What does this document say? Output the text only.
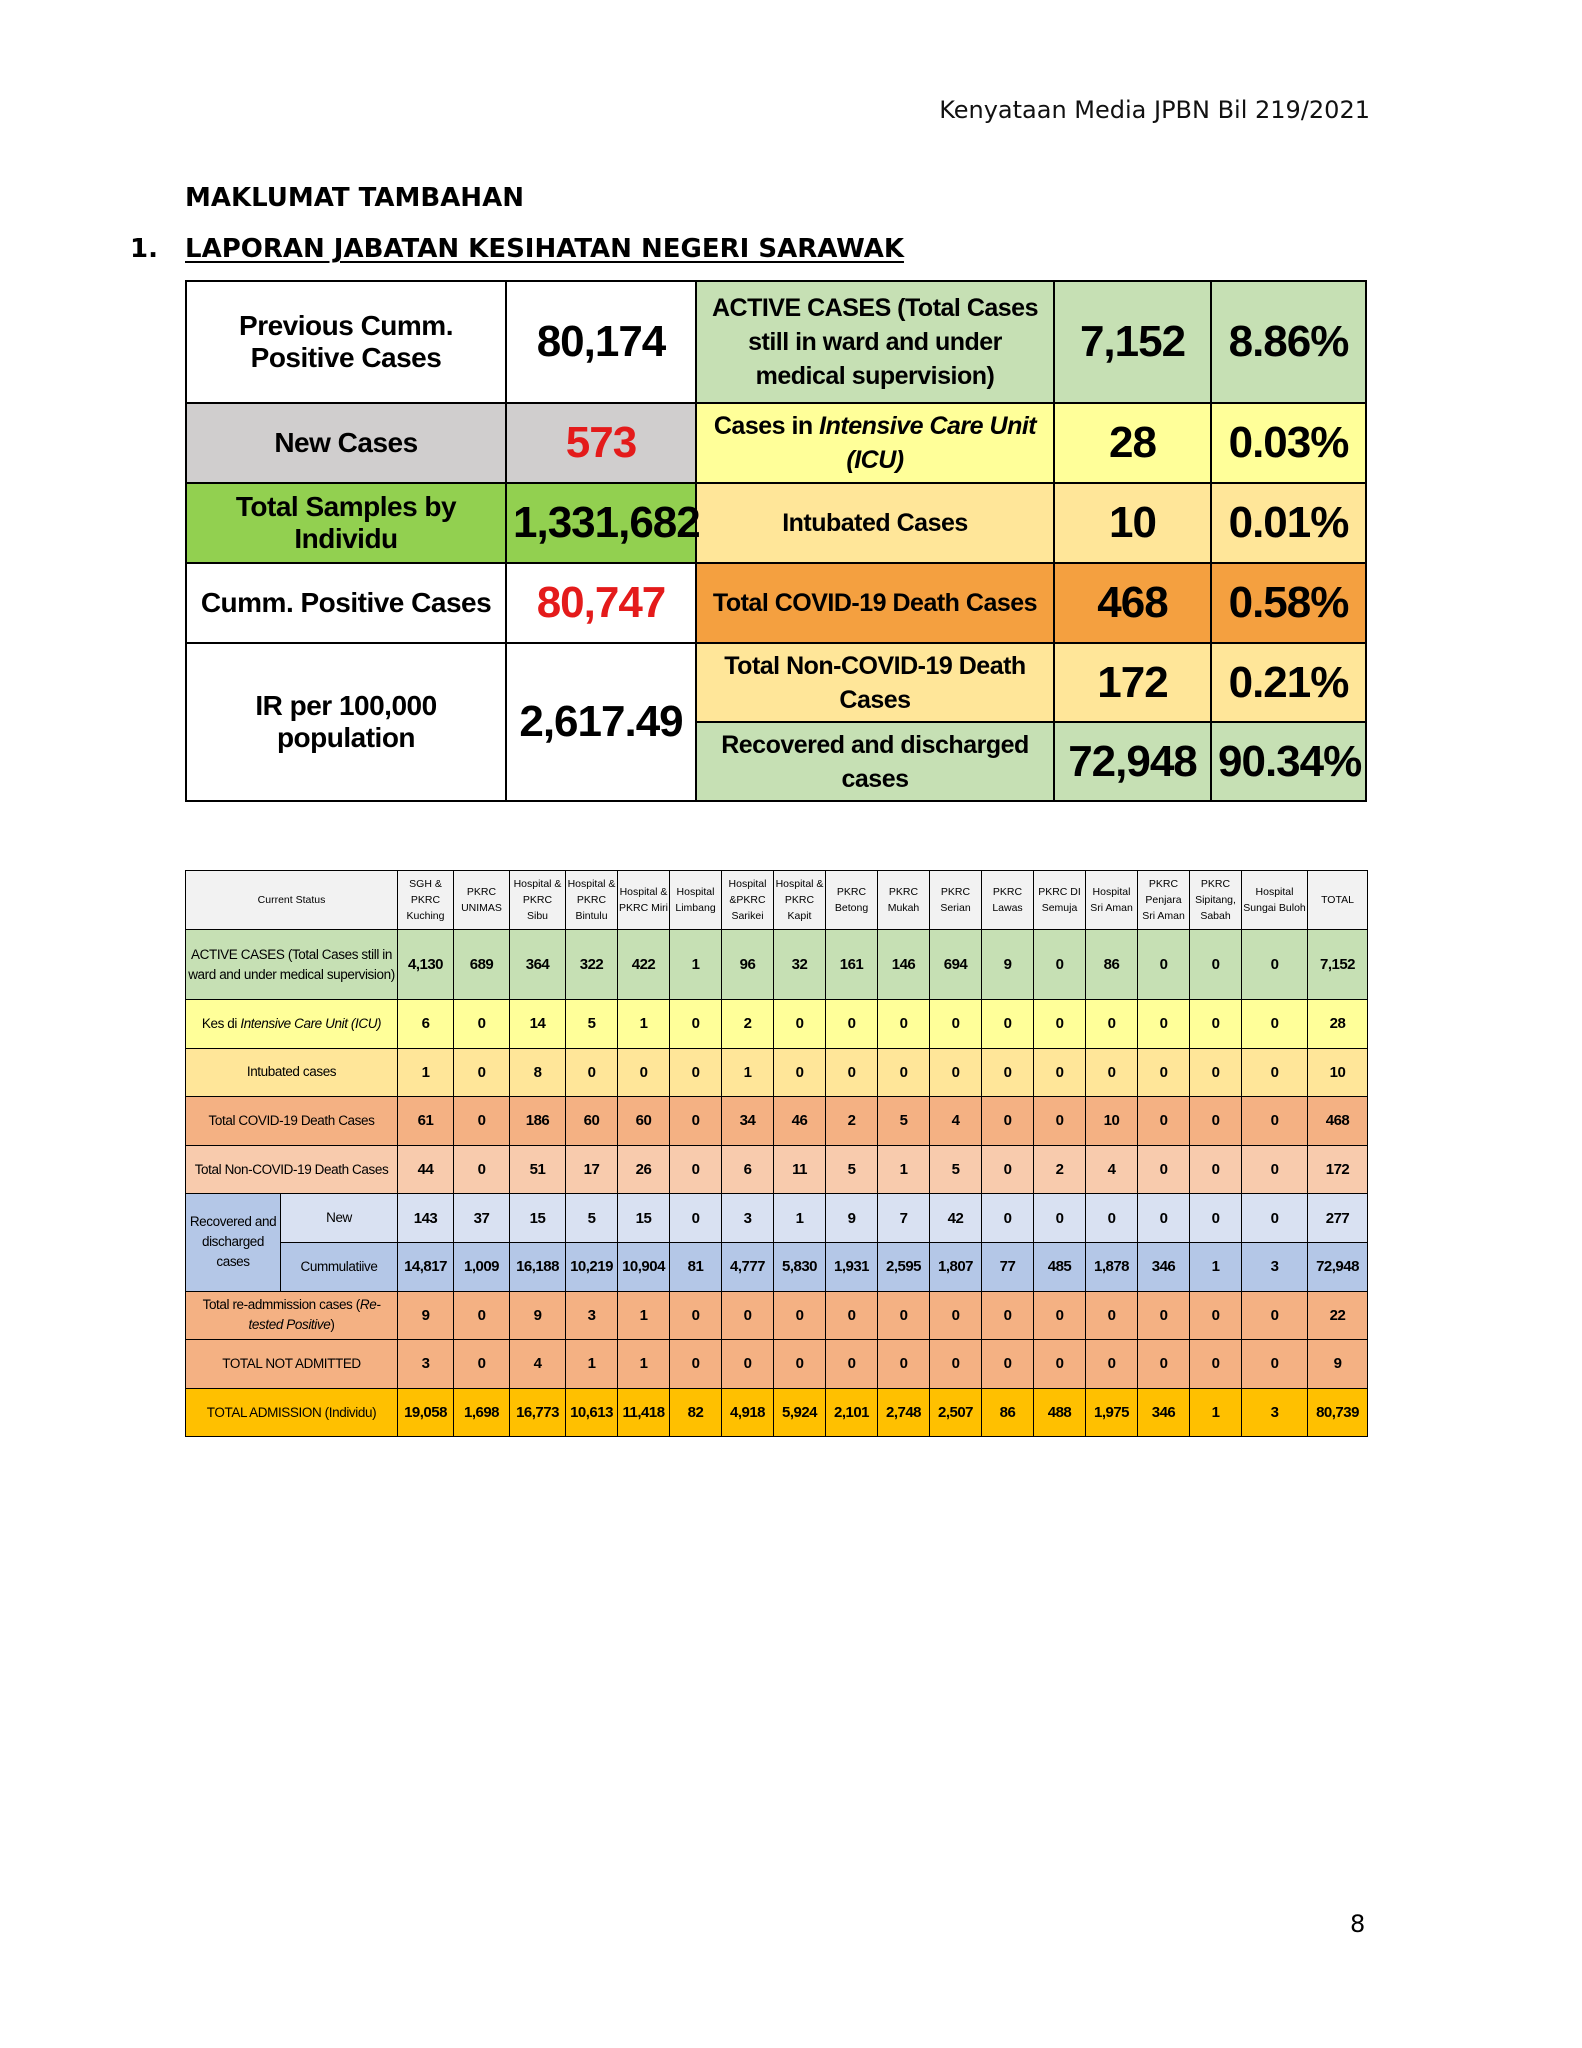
Kenyataan Media JPBN Bil 219/2021
MAKLUMAT TAMBAHAN
1. LAPORAN JABATAN KESIHATAN NEGERI SARAWAK
Previous Cumm. Positive Cases	80,174	ACTIVE CASES (Total Cases still in ward and under medical supervision)	7,152	8.86%
New Cases	573	Cases in Intensive Care Unit (ICU)	28	0.03%
Total Samples by Individu	1,331,682	Intubated Cases	10	0.01%
Cumm. Positive Cases	80,747	Total COVID-19 Death Cases	468	0.58%
IR per 100,000 population	2,617.49	Total Non-COVID-19 Death Cases	172	0.21%
		Recovered and discharged cases	72,948	90.34%
Current Status		SGH & PKRC Kuching	PKRC UNIMAS	Hospital & PKRC Sibu	Hospital & PKRC Bintulu	Hospital & PKRC Miri	Hospital Limbang	Hospital &PKRC Sarikei	Hospital & PKRC Kapit	PKRC Betong	PKRC Mukah	PKRC Serian	PKRC Lawas	PKRC DI Semuja	Hospital Sri Aman	PKRC Penjara Sri Aman	PKRC Sipitang, Sabah	Hospital Sungai Buloh	TOTAL
ACTIVE CASES (Total Cases still in ward and under medical supervision)		4,130	689	364	322	422	1	96	32	161	146	694	9	0	86	0	0	0	7,152
Kes di Intensive Care Unit (ICU)		6	0	14	5	1	0	2	0	0	0	0	0	0	0	0	0	0	28
Intubated cases		1	0	8	0	0	0	1	0	0	0	0	0	0	0	0	0	0	10
Total COVID-19 Death Cases		61	0	186	60	60	0	34	46	2	5	4	0	0	10	0	0	0	468
Total Non-COVID-19 Death Cases		44	0	51	17	26	0	6	11	5	1	5	0	2	4	0	0	0	172
Recovered and discharged cases	New	143	37	15	5	15	0	3	1	9	7	42	0	0	0	0	0	0	277
	Cummulatiive	14,817	1,009	16,188	10,219	10,904	81	4,777	5,830	1,931	2,595	1,807	77	485	1,878	346	1	3	72,948
Total re-admmission cases (Re-tested Positive)		9	0	9	3	1	0	0	0	0	0	0	0	0	0	0	0	0	22
TOTAL NOT ADMITTED		3	0	4	1	1	0	0	0	0	0	0	0	0	0	0	0	0	9
TOTAL ADMISSION (Individu)		19,058	1,698	16,773	10,613	11,418	82	4,918	5,924	2,101	2,748	2,507	86	488	1,975	346	1	3	80,739
8
